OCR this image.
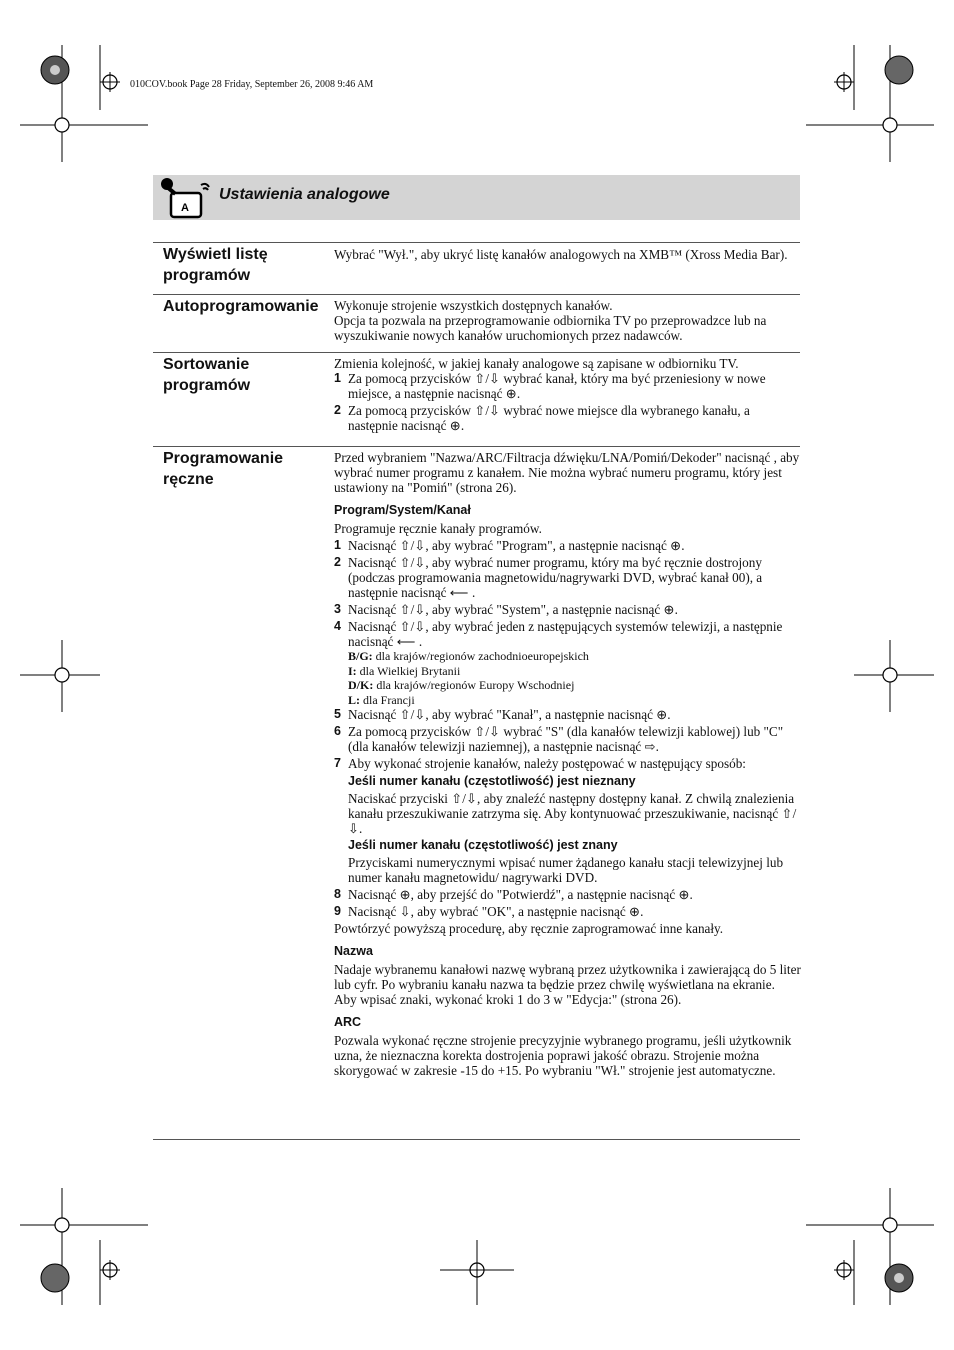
010COV.book Page 28 Friday, September 26, 2008 9:46 AM
A
Ustawienia analogowe
Wyświetl listę programów
Wybrać "Wył.", aby ukryć listę kanałów analogowych na XMB™ (Xross Media Bar).
Autoprogramowanie Wykonuje strojenie wszystkich dostępnych kanałów.
Opcja ta pozwala na przeprogramowanie odbiornika TV po przeprowadzce lub na wyszukiwanie nowych kanałów uruchomionych przez nadawców.
Sortowanie programów

Zmienia kolejność, w jakiej kanały analogowe są zapisane w odbiorniku TV.

1 Za pomocą przycisków ⇧/⇩ wybrać kanał, który ma być przeniesiony w nowe miejsce, a następnie nacisnąć ⊕.
2 Za pomocą przycisków ⇧/⇩ wybrać nowe miejsce dla wybranego kanału, a następnie nacisnąć ⊕.
Programowanie ręczne

Przed wybraniem "Nazwa/ARC/Filtracja dźwięku/LNA/Pomiń/Dekoder" nacisnąć , aby wybrać numer programu z kanałem. Nie można wybrać numeru programu, który jest ustawiony na "Pomiń" (strona 26).

Program/System/Kanał

Programuje ręcznie kanały programów.

1 Nacisnąć ⇧/⇩, aby wybrać "Program", a następnie nacisnąć ⊕.
2 Nacisnąć ⇧/⇩, aby wybrać numer programu, który ma być ręcznie dostrojony (podczas programowania magnetowidu/nagrywarki DVD, wybrać kanał 00), a następnie nacisnąć ⟵ .
3 Nacisnąć ⇧/⇩, aby wybrać "System", a następnie nacisnąć ⊕.
4 Nacisnąć ⇧/⇩, aby wybrać jeden z następujących systemów telewizji, a następnie nacisnąć ⟵ .
B/G: dla krajów/regionów zachodnioeuropejskich
I: dla Wielkiej Brytanii
D/K: dla krajów/regionów Europy Wschodniej
L: dla Francji
5 Nacisnąć ⇧/⇩, aby wybrać "Kanał", a następnie nacisnąć ⊕.
6 Za pomocą przycisków ⇧/⇩ wybrać "S" (dla kanałów telewizji kablowej) lub "C" (dla kanałów telewizji naziemnej), a następnie nacisnąć ⇨.
7 Aby wykonać strojenie kanałów, należy postępować w następujący sposób:

Jeśli numer kanału (częstotliwość) jest nieznany

Naciskać przyciski ⇧/⇩, aby znaleźć następny dostępny kanał. Z chwilą znalezienia kanału przeszukiwanie zatrzyma się. Aby kontynuować przeszukiwanie, nacisnąć ⇧/⇩.

Jeśli numer kanału (częstotliwość) jest znany

Przyciskami numerycznymi wpisać numer żądanego kanału stacji telewizyjnej lub numer kanału magnetowidu/ nagrywarki DVD.

8 Nacisnąć ⊕, aby przejść do "Potwierdź", a następnie nacisnąć ⊕.
9 Nacisnąć ⇩, aby wybrać "OK", a następnie nacisnąć ⊕.

Powtórzyć powyższą procedurę, aby ręcznie zaprogramować inne kanały.

Nazwa

Nadaje wybranemu kanałowi nazwę wybraną przez użytkownika i zawierającą do 5 liter lub cyfr. Po wybraniu kanału nazwa ta będzie przez chwilę wyświetlana na ekranie.
Aby wpisać znaki, wykonać kroki 1 do 3 w "Edycja:" (strona 26).

ARC

Pozwala wykonać ręczne strojenie precyzyjnie wybranego programu, jeśli użytkownik uzna, że nieznaczna korekta dostrojenia poprawi jakość obrazu. Strojenie można skorygować w zakresie -15 do +15. Po wybraniu "Wł." strojenie jest automatyczne.
